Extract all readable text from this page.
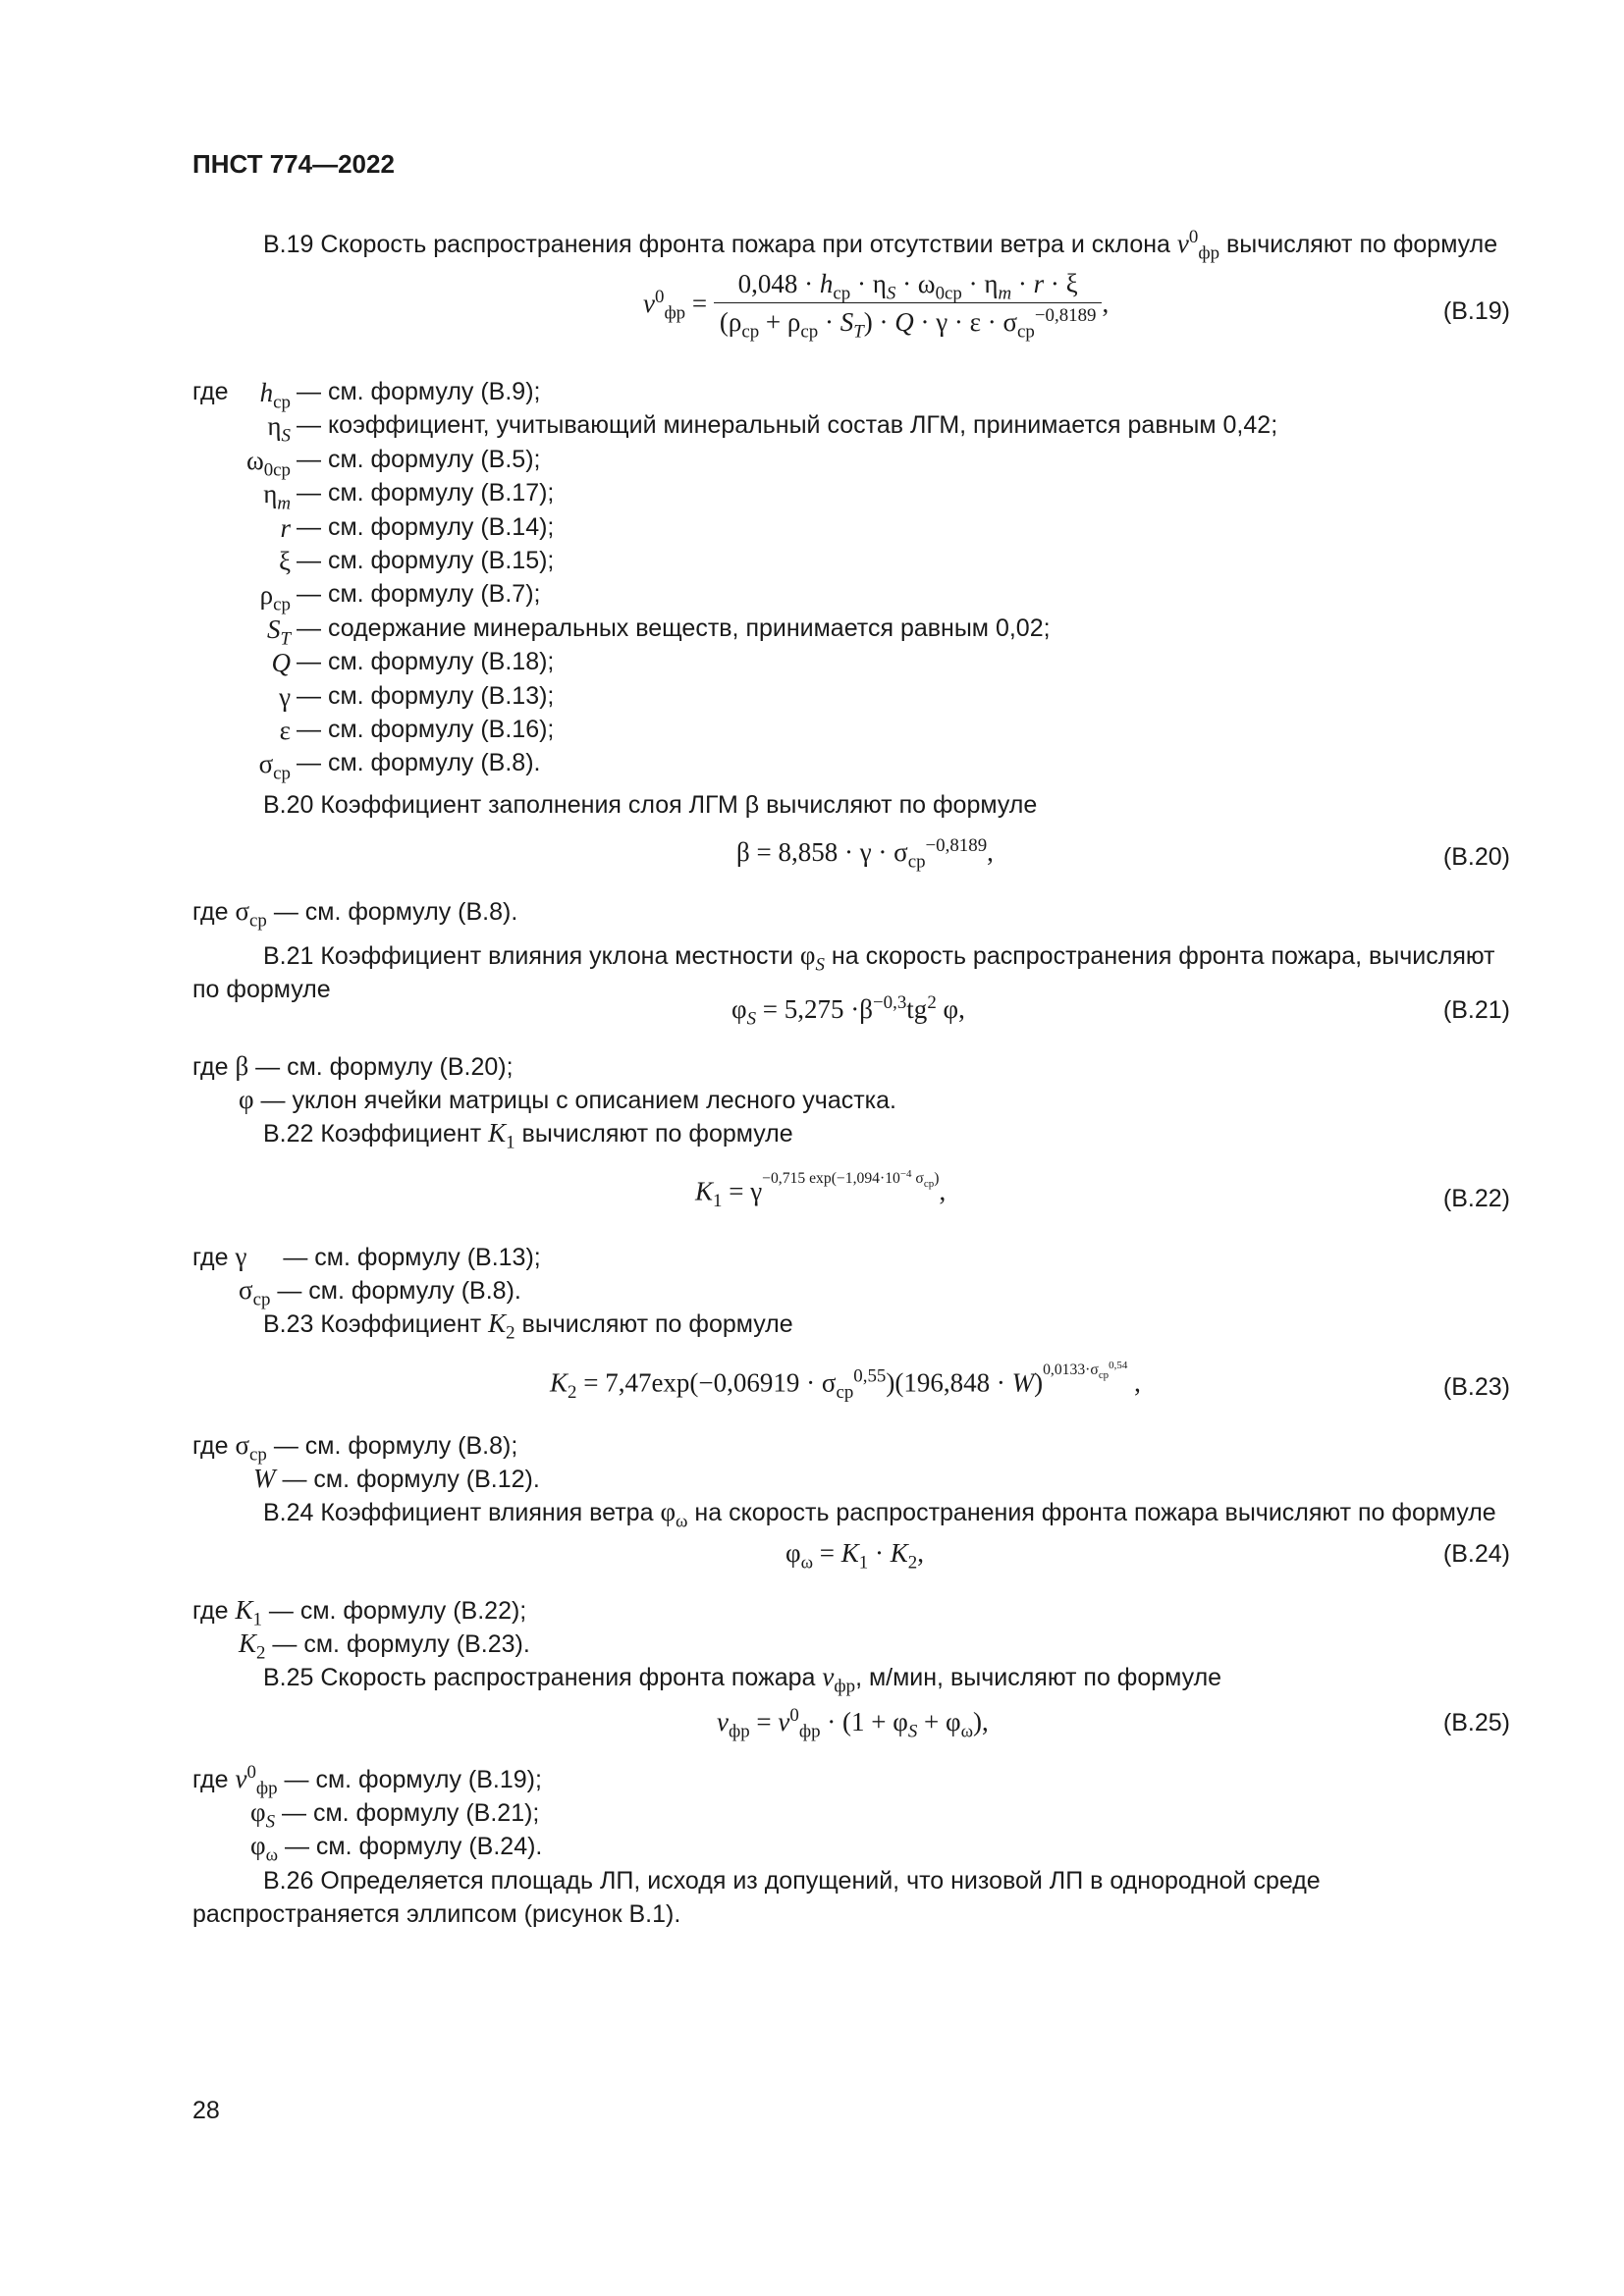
ПНСТ 774—2022
В.19 Скорость распространения фронта пожара при отсутствии ветра и склона $v^0_{фр}$ вычисляют по формуле
$v^0_{фр} = \frac{0,048 \cdot h_{ср} \cdot \eta_S \cdot \omega_{0ср} \cdot \eta_m \cdot r \cdot \xi}{(\rho_{ср} + \rho_{ср} \cdot S_T) \cdot Q \cdot \gamma \cdot \varepsilon \cdot \sigma_{ср}^{-0,8189}}$ ,	(В.19)
где	$h_{ср}$ — см. формулу (В.9);
$\eta_S$ — коэффициент, учитывающий минеральный состав ЛГМ, принимается равным 0,42;
$\omega_{0ср}$ — см. формулу (В.5);
$\eta_m$ — см. формулу (В.17);
r — см. формулу (В.14);
ξ — см. формулу (В.15);
$\rho_{ср}$ — см. формулу (В.7);
$S_T$ — содержание минеральных веществ, принимается равным 0,02;
Q — см. формулу (В.18);
γ — см. формулу (В.13);
ε — см. формулу (В.16);
$\sigma_{ср}$ — см. формулу (В.8).
В.20 Коэффициент заполнения слоя ЛГМ β вычисляют по формуле
$\beta = 8,858 \cdot \gamma \cdot \sigma_{ср}^{-0,8189}$,	(В.20)
где $\sigma_{ср}$ — см. формулу (В.8).
В.21 Коэффициент влияния уклона местности $\varphi_S$ на скорость распространения фронта пожара, вычисляют по формуле
$\varphi_S = 5,275 \cdot\beta^{-0,3}tg^2$ φ,	(В.21)
где β — см. формулу (В.20);
φ — уклон ячейки матрицы с описанием лесного участка.
В.22 Коэффициент $K_1$ вычисляют по формуле
$K_1 = \gamma^{-0,715 exp(-1,094\cdot 10^{-4} \sigma_{ср})}$,	(В.22)
где γ — см. формулу (В.13);
$\sigma_{ср}$ — см. формулу (В.8).
В.23 Коэффициент $K_2$ вычисляют по формуле
$K_2 = 7,47\exp(-0,06919 \cdot \sigma_{ср}^{0,55})(196,848 \cdot W)^{0,0133\cdot\sigma_{ср}^{0,54}}$ ,	(В.23)
где $\sigma_{ср}$ — см. формулу (В.8);
W — см. формулу (В.12).
В.24 Коэффициент влияния ветра $\varphi_\omega$ на скорость распространения фронта пожара вычисляют по формуле
$\varphi_\omega = K_1 \cdot K_2$,	(В.24)
где $K_1$ — см. формулу (В.22);
$K_2$ — см. формулу (В.23).
В.25 Скорость распространения фронта пожара $v_{фр}$, м/мин, вычисляют по формуле
$v_{фр} = v^0_{фр} \cdot (1 + \varphi_S + \varphi_\omega)$,	(В.25)
где $v^0_{фр}$ — см. формулу (В.19);
$\varphi_S$ — см. формулу (В.21);
$\varphi_\omega$ — см. формулу (В.24).
В.26 Определяется площадь ЛП, исходя из допущений, что низовой ЛП в однородной среде распространяется эллипсом (рисунок В.1).
28
